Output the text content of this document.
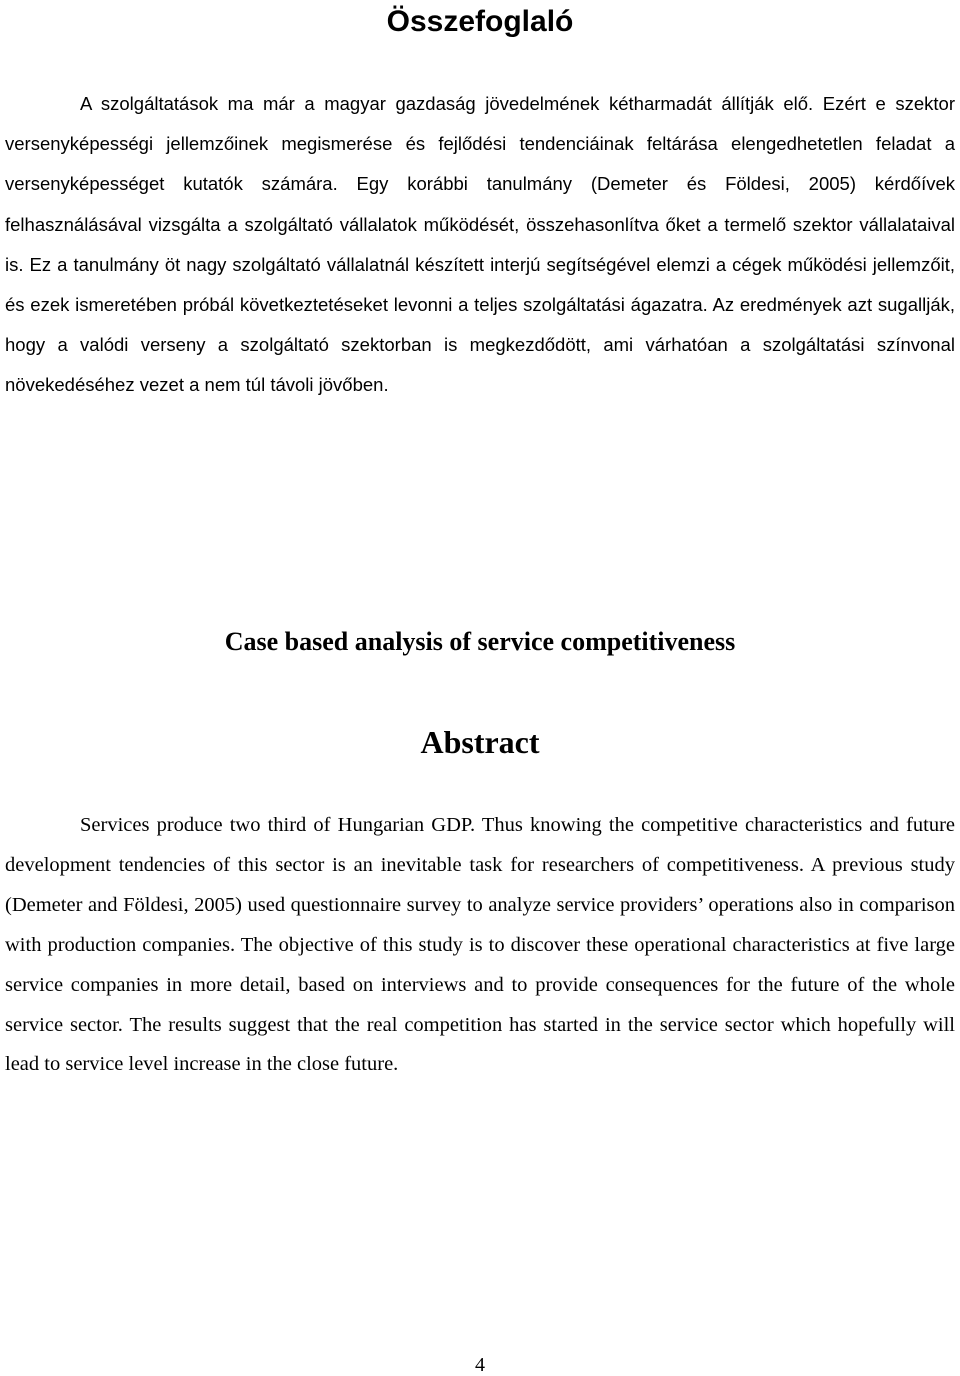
Összefoglaló

A szolgáltatások ma már a magyar gazdaság jövedelmének kétharmadát állítják elő. Ezért e szektor versenyképességi jellemzőinek megismerése és fejlődési tendenciáinak feltárása elengedhetetlen feladat a versenyképességet kutatók számára. Egy korábbi tanulmány (Demeter és Földesi, 2005) kérdőívek felhasználásával vizsgálta a szolgáltató vállalatok működését, összehasonlítva őket a termelő szektor vállalataival is. Ez a tanulmány öt nagy szolgáltató vállalatnál készített interjú segítségével elemzi a cégek működési jellemzőit, és ezek ismeretében próbál következtetéseket levonni a teljes szolgáltatási ágazatra. Az eredmények azt sugallják, hogy a valódi verseny a szolgáltató szektorban is megkezdődött, ami várhatóan a szolgáltatási színvonal növekedéséhez vezet a nem túl távoli jövőben.

Case based analysis of service competitiveness
Abstract

Services produce two third of Hungarian GDP. Thus knowing the competitive characteristics and future development tendencies of this sector is an inevitable task for researchers of competitiveness. A previous study (Demeter and Földesi, 2005) used questionnaire survey to analyze service providers’ operations also in comparison with production companies. The objective of this study is to discover these operational characteristics at five large service companies in more detail, based on interviews and to provide consequences for the future of the whole service sector. The results suggest that the real competition has started in the service sector which hopefully will lead to service level increase in the close future.

4
